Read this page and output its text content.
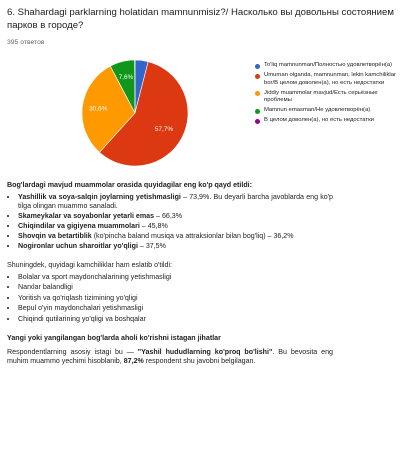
6. Shahardagi parklarning holatidan mamnunmisiz?/ Насколько вы довольны состоянием парков в городе?
395 ответов
57,7%
30,6%
7,6%
To'liq mamnunman/Полностью удовлетворён(а)
Umuman olganda, mamnunman, lekin kamchiliklar bor/В целом доволен(а), но есть недостатки
Jiddiy muammolar mavjud/Есть серьёзные проблемы
Mamnun emasman/Не удовлетворён(а)
В целом доволен(а), но есть недостатки

Bog'lardagi mavjud muammolar orasida quyidagilar eng ko'p qayd etildi:

• Yashillik va soya-salqin joylarning yetishmasligi – 73,9%. Bu deyarli barcha javoblarda eng ko'p tilga olingan muammo sanaladi.
• Skameykalar va soyabonlar yetarli emas – 66,3%
• Chiqindilar va gigiyena muammolari – 45,8%
• Shovqin va betartiblik (ko'pincha baland musiqa va attraksionlar bilan bog'liq) – 36,2%
• Nogironlar uchun sharoitlar yo'qligi – 37,5%

Shuningdek, quyidagi kamchiliklar ham eslatib o'tildi:

• Bolalar va sport maydonchalarining yetishmasligi
• Narxlar balandligi
• Yoritish va qo'riqlash tizimining yo'qligi
• Bepul o'yin maydonchalari yetishmasligi
• Chiqindi qutilarining yo'qligi va boshqalar

Yangi yoki yangilangan bog'larda aholi ko'rishni istagan jihatlar

Respondentlarning asosiy istagi bu — "Yashil hududlarning ko'proq bo'lishi". Bu bevosita eng muhim muammo yechimi hisoblanib, 87,2% respondent shu javobni belgilagan.
